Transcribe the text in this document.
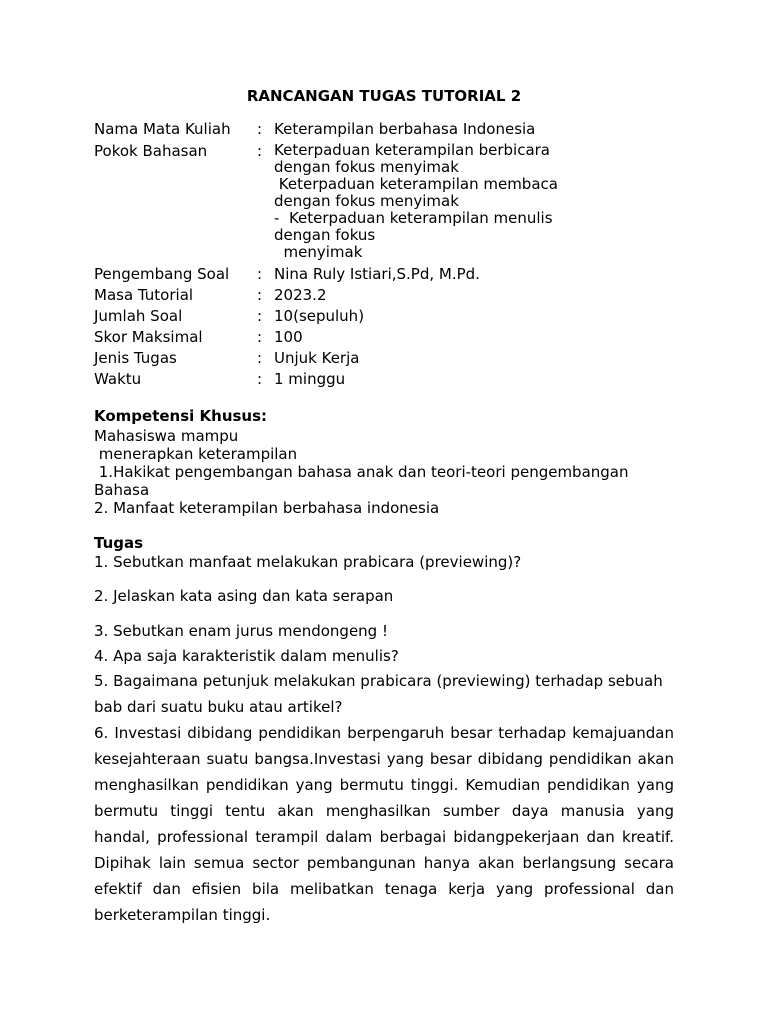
RANCANGAN TUGAS TUTORIAL 2
Nama Mata Kuliah	: Keterampilan berbahasa Indonesia
Pokok Bahasan	: Keterpaduan keterampilan berbicara
dengan fokus menyimak
Keterpaduan keterampilan membaca
dengan fokus menyimak
-  Keterpaduan keterampilan menulis
dengan fokus
menyimak
Pengembang Soal	: Nina Ruly Istiari,S.Pd, M.Pd.
Masa Tutorial	: 2023.2
Jumlah Soal	: 10(sepuluh)
Skor Maksimal	: 100
Jenis Tugas	: Unjuk Kerja
Waktu	: 1 minggu
Kompetensi Khusus:
Mahasiswa mampu
menerapkan keterampilan
1.Hakikat pengembangan bahasa anak dan teori-teori pengembangan
Bahasa
2. Manfaat keterampilan berbahasa indonesia
Tugas
1. Sebutkan manfaat melakukan prabicara (previewing)?
2. Jelaskan kata asing dan kata serapan
3. Sebutkan enam jurus mendongeng !
4. Apa saja karakteristik dalam menulis?
5. Bagaimana petunjuk melakukan prabicara (previewing) terhadap sebuah bab dari suatu buku atau artikel?
6. Investasi dibidang pendidikan berpengaruh besar terhadap kemajuandan kesejahteraan suatu bangsa.Investasi yang besar dibidang pendidikan akan menghasilkan pendidikan yang bermutu tinggi. Kemudian pendidikan yang bermutu tinggi tentu akan menghasilkan sumber daya manusia yang handal, professional terampil dalam berbagai bidangpekerjaan dan kreatif. Dipihak lain semua sector pembangunan hanya akan berlangsung secara efektif dan efisien bila melibatkan tenaga kerja yang professional dan berketerampilan tinggi.
